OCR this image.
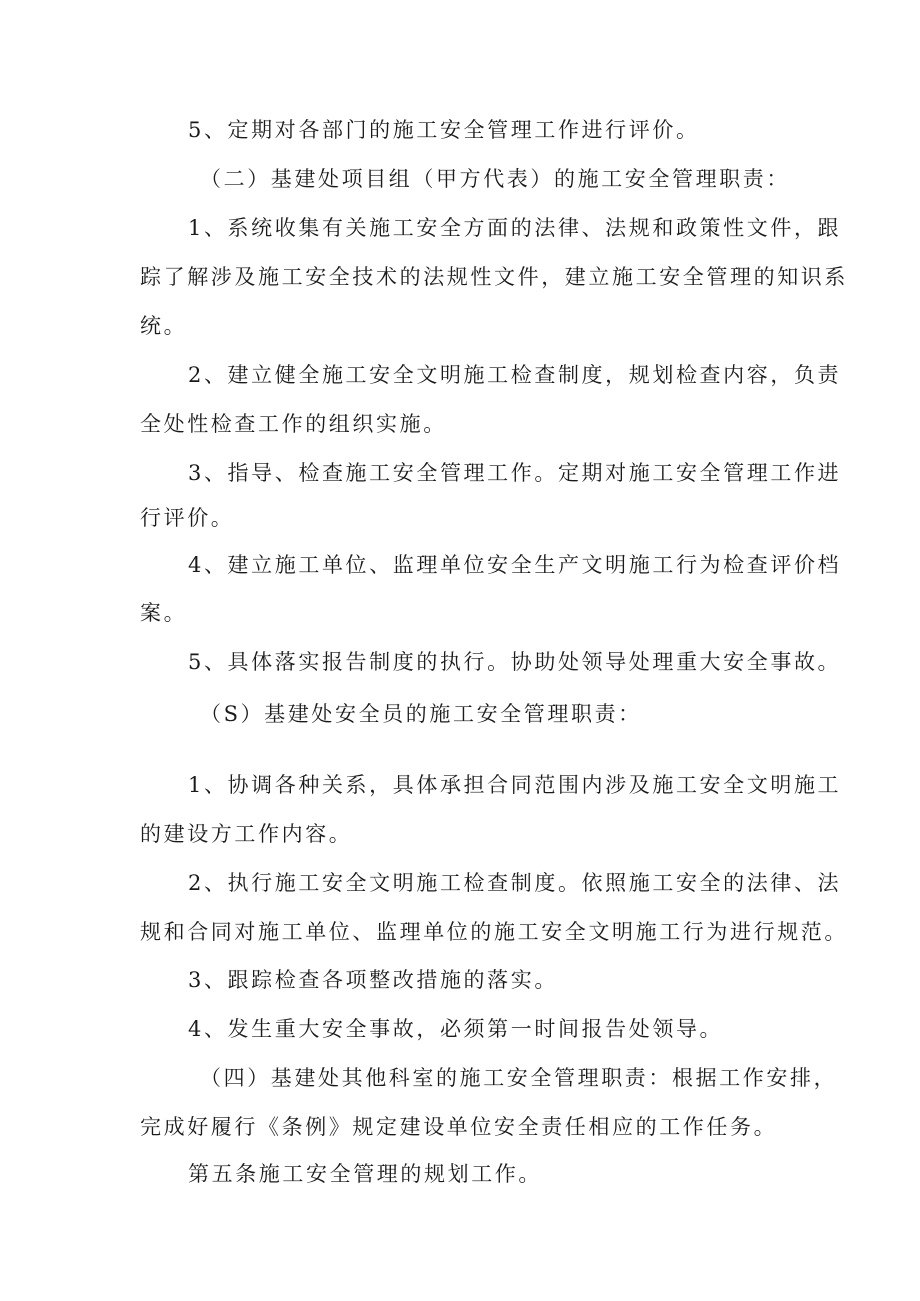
5、定期对各部门的施工安全管理工作进行评价。
（二）基建处项目组（甲方代表）的施工安全管理职责：
1、系统收集有关施工安全方面的法律、法规和政策性文件，跟
踪了解涉及施工安全技术的法规性文件，建立施工安全管理的知识系
统。
2、建立健全施工安全文明施工检查制度，规划检查内容，负责
全处性检查工作的组织实施。
3、指导、检查施工安全管理工作。定期对施工安全管理工作进
行评价。
4、建立施工单位、监理单位安全生产文明施工行为检查评价档
案。
5、具体落实报告制度的执行。协助处领导处理重大安全事故。
（S）基建处安全员的施工安全管理职责：
1、协调各种关系，具体承担合同范围内涉及施工安全文明施工
的建设方工作内容。
2、执行施工安全文明施工检查制度。依照施工安全的法律、法
规和合同对施工单位、监理单位的施工安全文明施工行为进行规范。
3、跟踪检查各项整改措施的落实。
4、发生重大安全事故，必须第一时间报告处领导。
（四）基建处其他科室的施工安全管理职责：根据工作安排，
完成好履行《条例》规定建设单位安全责任相应的工作任务。
第五条施工安全管理的规划工作。
